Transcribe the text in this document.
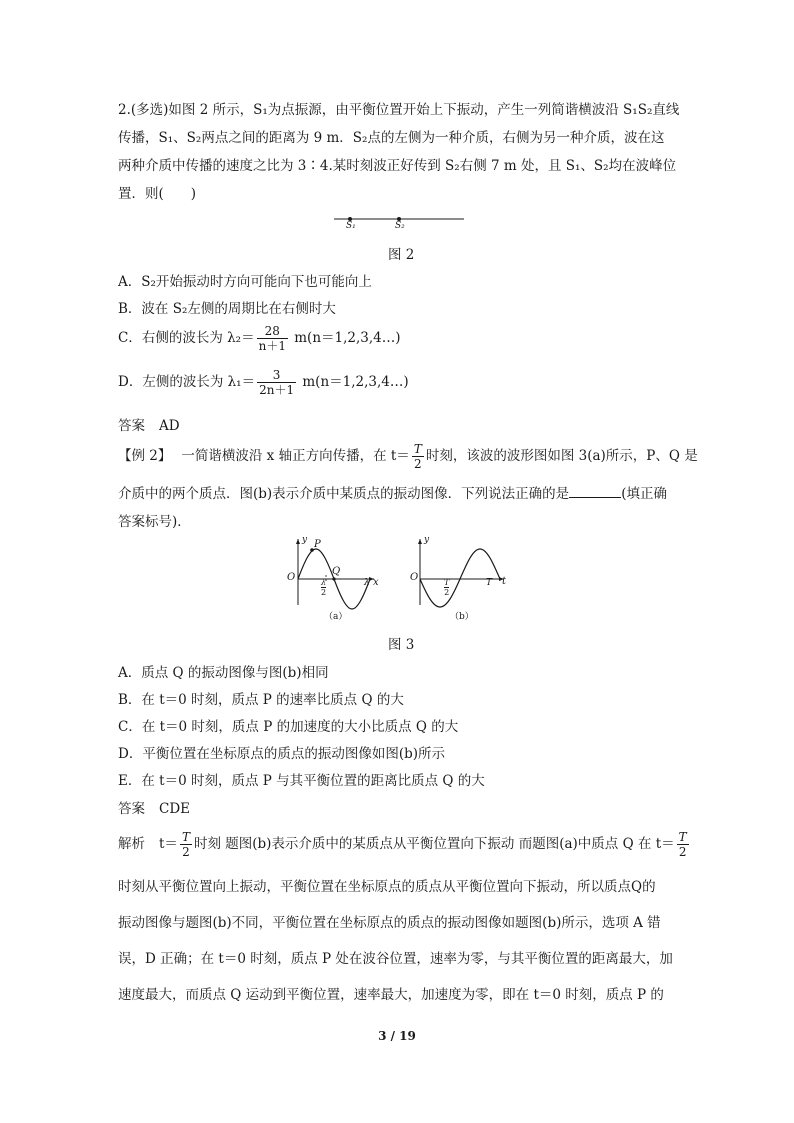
2.(多选)如图 2 所示，S₁为点振源，由平衡位置开始上下振动，产生一列简谐横波沿 S₁S₂直线
传播，S₁、S₂两点之间的距离为 9 m．S₂点的左侧为一种介质，右侧为另一种介质，波在这
两种介质中传播的速度之比为 3∶4.某时刻波正好传到 S₂右侧 7 m 处，且 S₁、S₂均在波峰位
置．则(　　)
S₁	S₂
图 2
A．S₂开始振动时方向可能向下也可能向上
B．波在 S₂左侧的周期比在右侧时大
C．右侧的波长为 $\lambda_2= \frac{28}{n+1}$ m(n＝1,2,3,4…)
D．左侧的波长为 $\lambda_1= \frac{3}{2n+1}$ m(n＝1,2,3,4…)
答案 AD
【例 2】 一简谐横波沿 x 轴正方向传播，在 $t= \frac{T}{2}$ 时刻，该波的波形图如图 3(a)所示，P、Q 是
介质中的两个质点．图(b)表示介质中某质点的振动图像．下列说法正确的是	(填正确
答案标号)．
y
O
P
Q
$\frac{\lambda}{2}$	λ x
（a）
y
O
$\frac{T}{2}$	T t
（b）
图 3
A．质点 Q 的振动图像与图(b)相同
B．在 t＝0 时刻，质点 P 的速率比质点 Q 的大
C．在 t＝0 时刻，质点 P 的加速度的大小比质点 Q 的大
D．平衡位置在坐标原点的质点的振动图像如图(b)所示
E．在 t＝0 时刻，质点 P 与其平衡位置的距离比质点 Q 的大
答案 CDE
解析 $t= \frac{T}{2}$ 时刻 题图(b)表示介质中的某质点从平衡位置向下振动 而题图(a)中质点 Q 在 $t= \frac{T}{2}$
时刻从平衡位置向上振动，平衡位置在坐标原点的质点从平衡位置向下振动，所以质点Q的
振动图像与题图(b)不同，平衡位置在坐标原点的质点的振动图像如题图(b)所示，选项 A 错
误，D 正确；在 t＝0 时刻，质点 P 处在波谷位置，速率为零，与其平衡位置的距离最大，加
速度最大，而质点 Q 运动到平衡位置，速率最大，加速度为零，即在 t＝0 时刻，质点 P 的
3 / 19
